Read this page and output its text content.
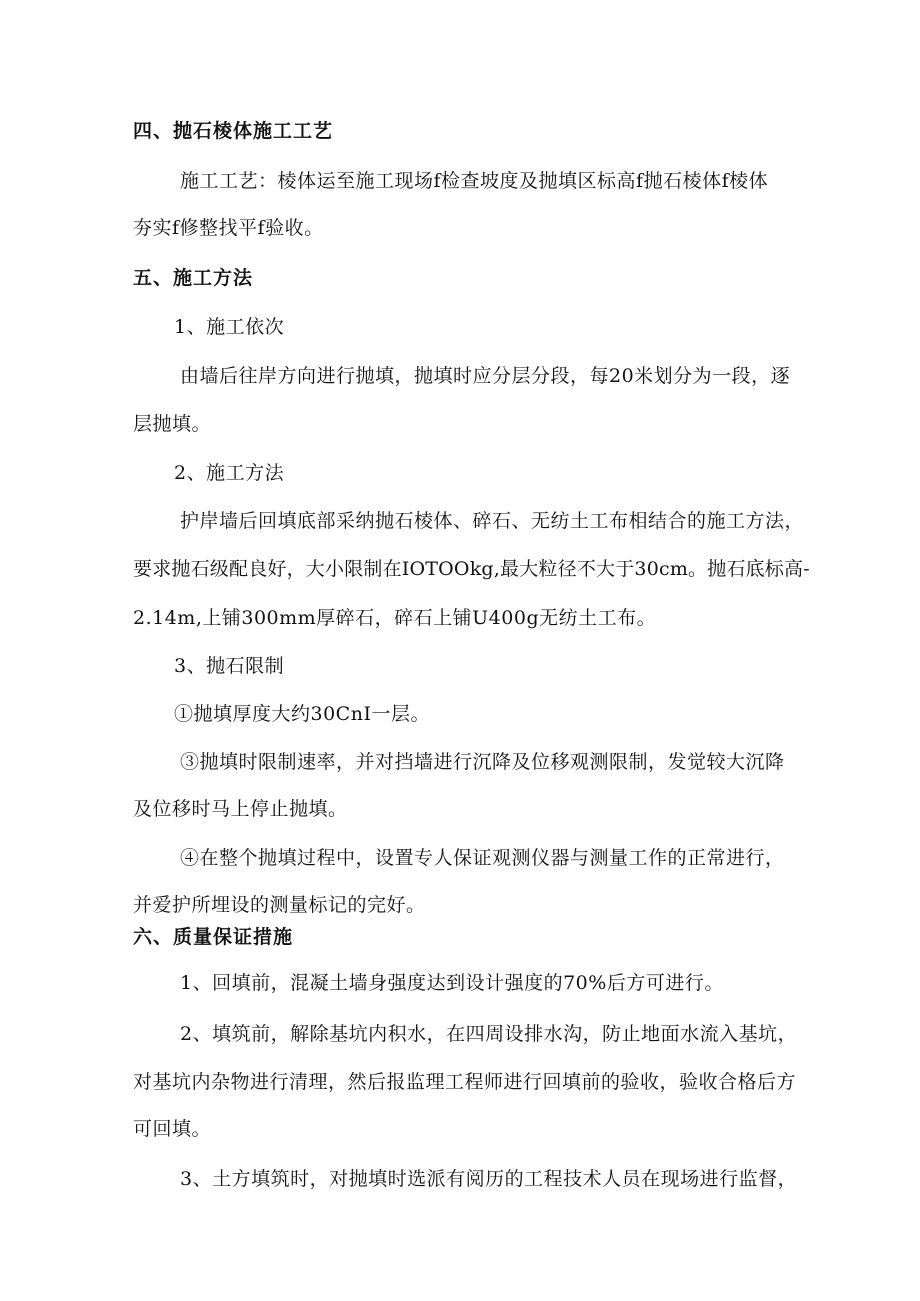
四、抛石棱体施工工艺
施工工艺：棱体运至施工现场f检查坡度及抛填区标高f抛石棱体f棱体
夯实f修整找平f验收。
五、施工方法
1、施工依次
由墙后往岸方向进行抛填，抛填时应分层分段，每20米划分为一段，逐
层抛填。
2、施工方法
护岸墙后回填底部采纳抛石棱体、碎石、无纺土工布相结合的施工方法，
要求抛石级配良好，大小限制在IOTOOkg,最大粒径不大于30cm。抛石底标高-
2.14m,上铺300mm厚碎石，碎石上铺U400g无纺土工布。
3、抛石限制
①抛填厚度大约30CnI一层。
③抛填时限制速率，并对挡墙进行沉降及位移观测限制，发觉较大沉降
及位移时马上停止抛填。
④在整个抛填过程中，设置专人保证观测仪器与测量工作的正常进行，
并爱护所埋设的测量标记的完好。
六、质量保证措施
1、回填前，混凝土墙身强度达到设计强度的70%后方可进行。
2、填筑前，解除基坑内积水，在四周设排水沟，防止地面水流入基坑，
对基坑内杂物进行清理，然后报监理工程师进行回填前的验收，验收合格后方
可回填。
3、土方填筑时，对抛填时选派有阅历的工程技术人员在现场进行监督，
